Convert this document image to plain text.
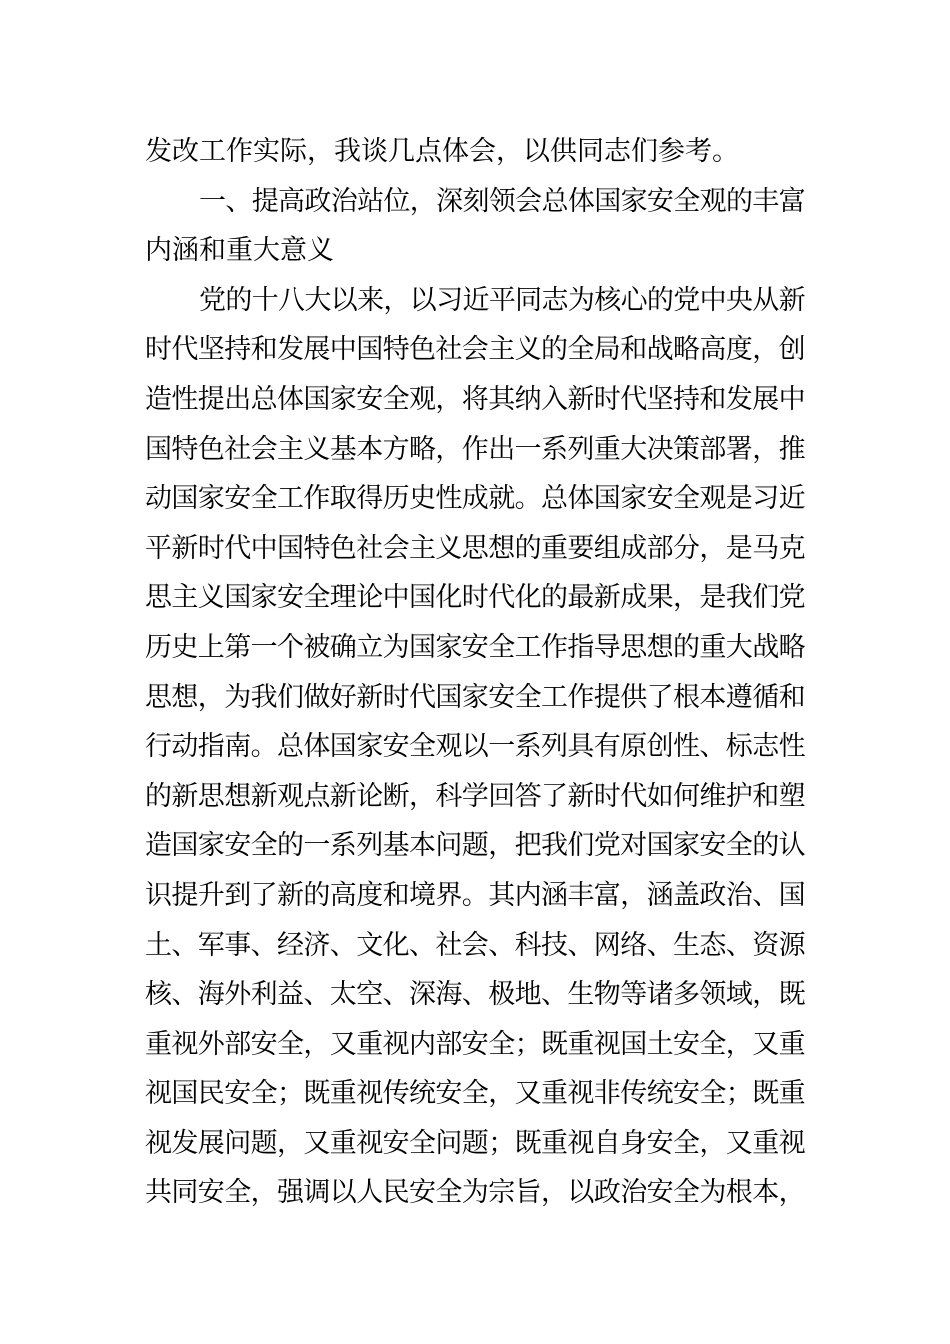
发改工作实际，我谈几点体会，以供同志们参考。
一、提高政治站位，深刻领会总体国家安全观的丰富
内涵和重大意义
党的十八大以来，以习近平同志为核心的党中央从新
时代坚持和发展中国特色社会主义的全局和战略高度，创
造性提出总体国家安全观，将其纳入新时代坚持和发展中
国特色社会主义基本方略，作出一系列重大决策部署，推
动国家安全工作取得历史性成就。总体国家安全观是习近
平新时代中国特色社会主义思想的重要组成部分，是马克
思主义国家安全理论中国化时代化的最新成果，是我们党
历史上第一个被确立为国家安全工作指导思想的重大战略
思想，为我们做好新时代国家安全工作提供了根本遵循和
行动指南。总体国家安全观以一系列具有原创性、标志性
的新思想新观点新论断，科学回答了新时代如何维护和塑
造国家安全的一系列基本问题，把我们党对国家安全的认
识提升到了新的高度和境界。其内涵丰富，涵盖政治、国
土、军事、经济、文化、社会、科技、网络、生态、资源
核、海外利益、太空、深海、极地、生物等诸多领域，既
重视外部安全，又重视内部安全；既重视国土安全，又重
视国民安全；既重视传统安全，又重视非传统安全；既重
视发展问题，又重视安全问题；既重视自身安全，又重视
共同安全，强调以人民安全为宗旨，以政治安全为根本，
